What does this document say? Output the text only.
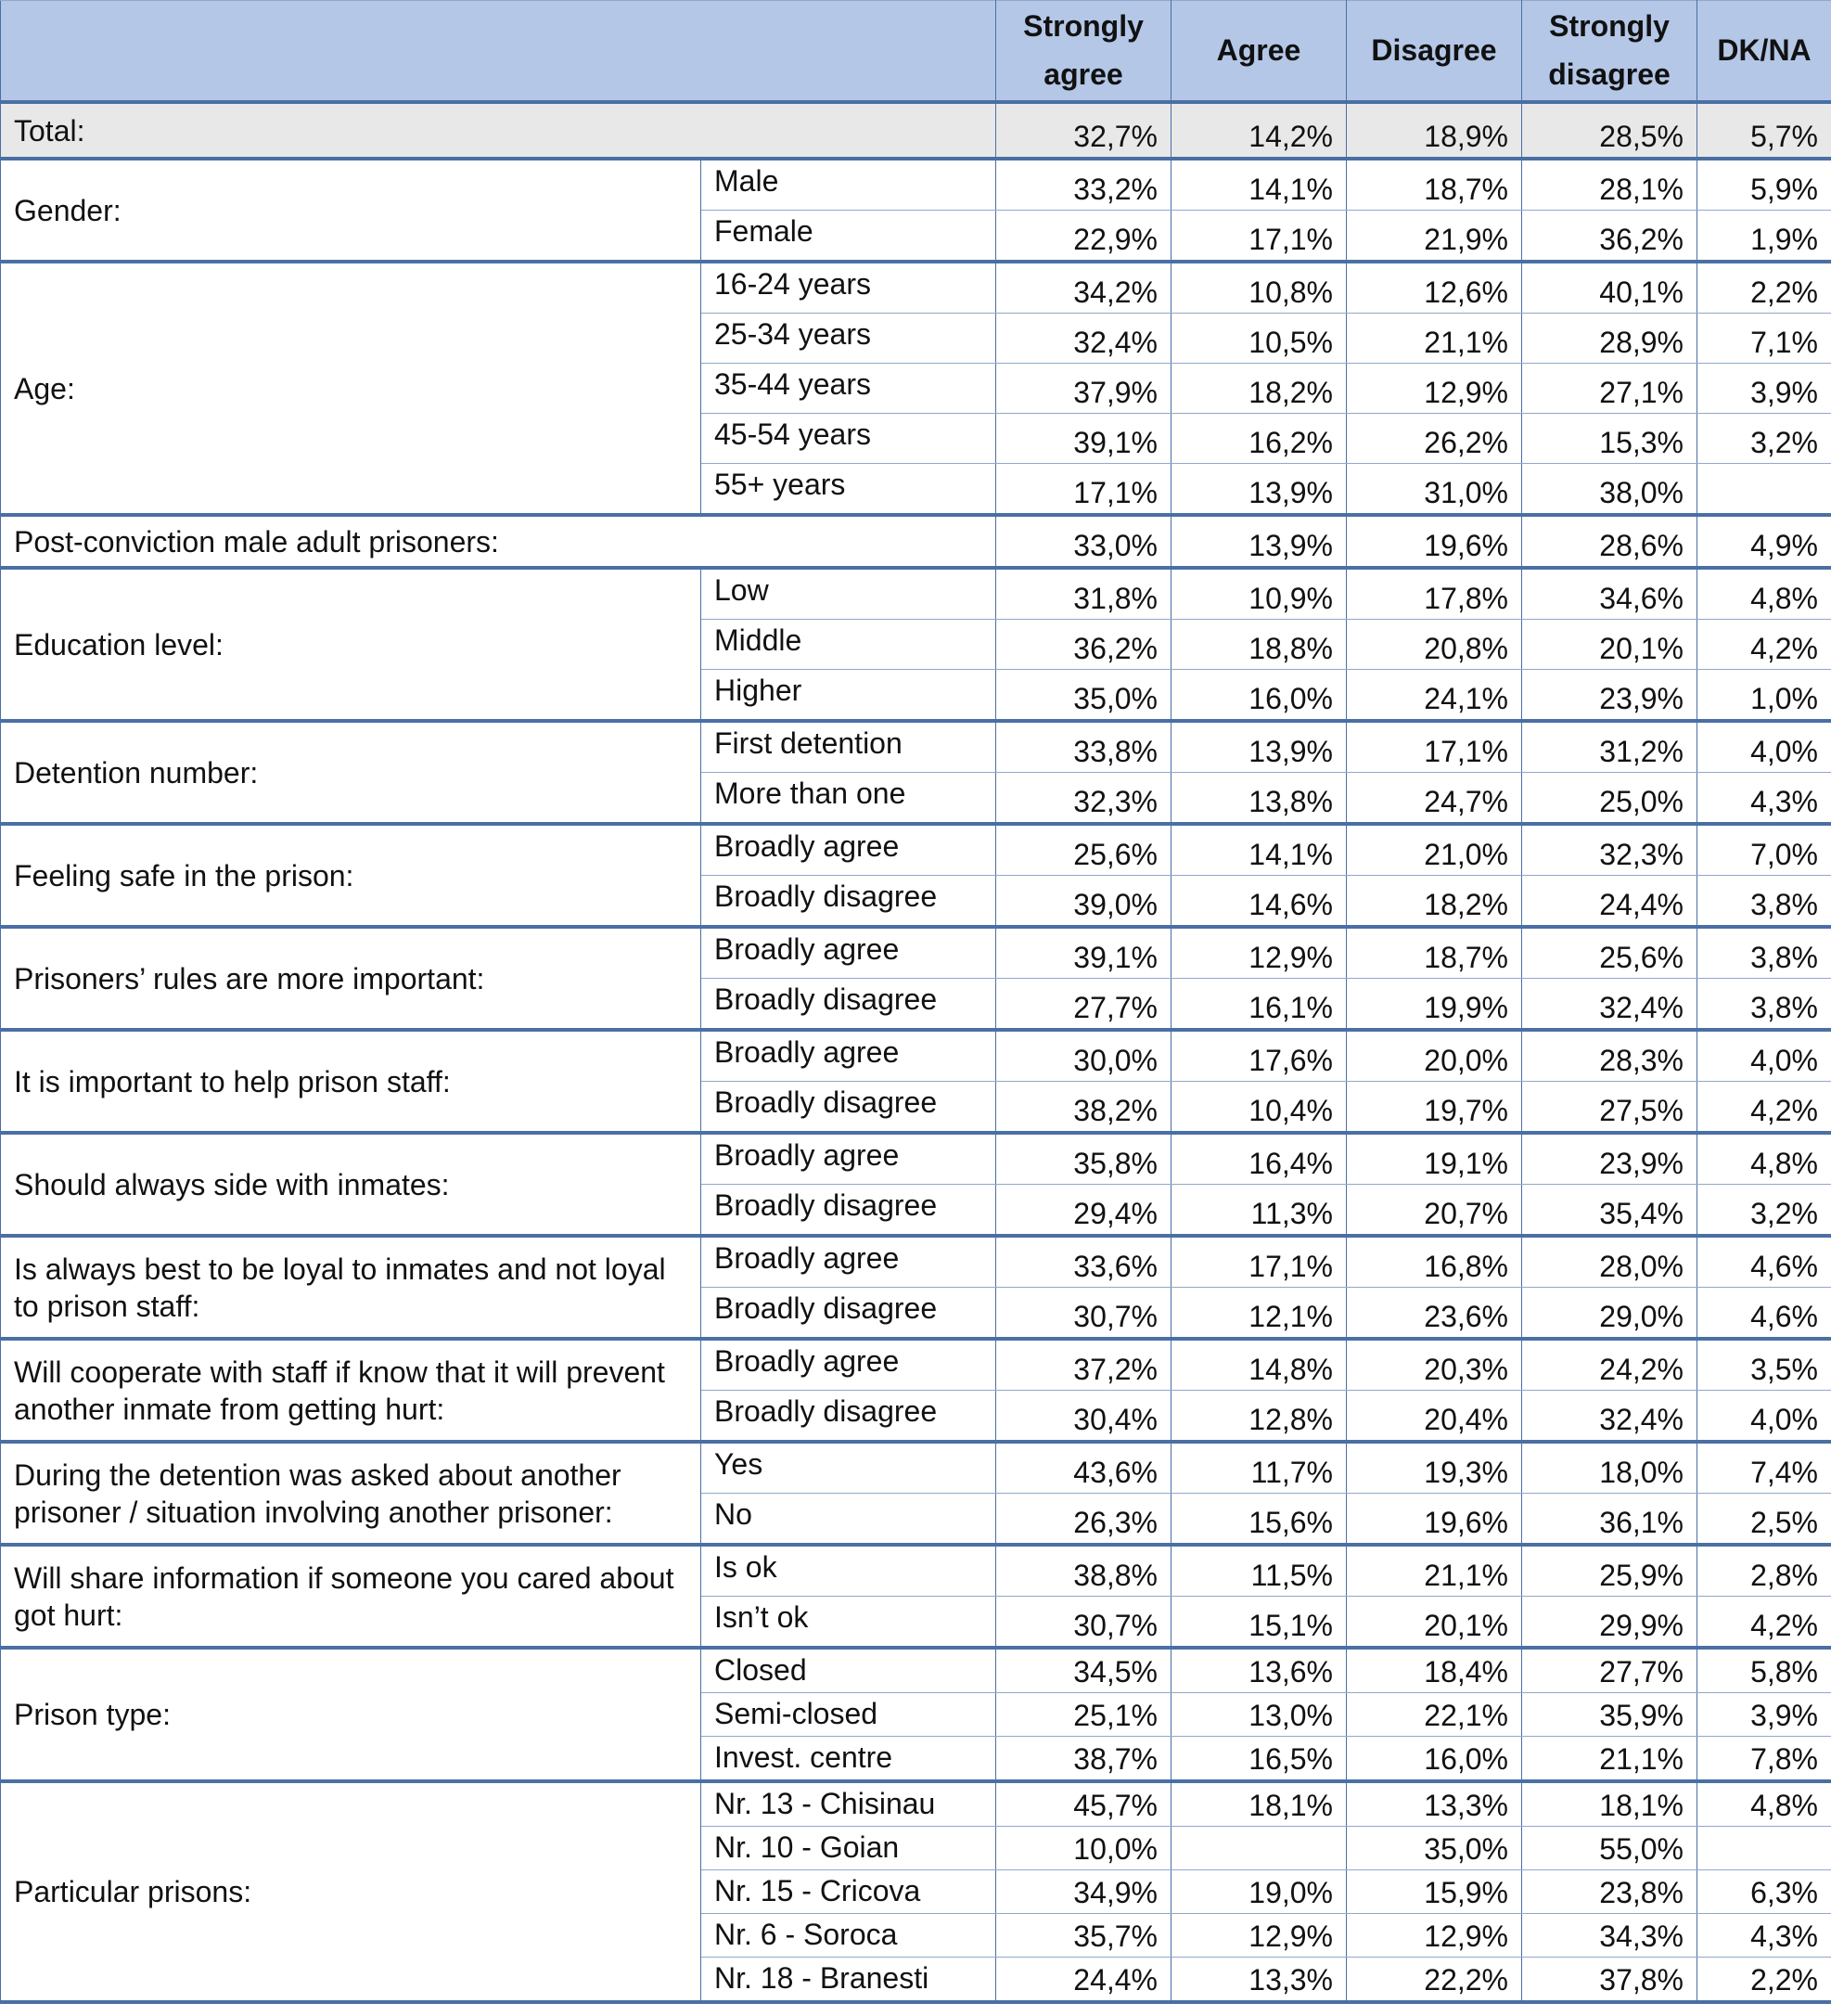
		Strongly agree	Agree	Disagree	Strongly disagree	DK/NA
Total:		32,7%	14,2%	18,9%	28,5%	5,7%
Gender:	Male	33,2%	14,1%	18,7%	28,1%	5,9%
	Female	22,9%	17,1%	21,9%	36,2%	1,9%
Age:	16-24 years	34,2%	10,8%	12,6%	40,1%	2,2%
	25-34 years	32,4%	10,5%	21,1%	28,9%	7,1%
	35-44 years	37,9%	18,2%	12,9%	27,1%	3,9%
	45-54 years	39,1%	16,2%	26,2%	15,3%	3,2%
	55+ years	17,1%	13,9%	31,0%	38,0%	
Post-conviction male adult prisoners:		33,0%	13,9%	19,6%	28,6%	4,9%
Education level:	Low	31,8%	10,9%	17,8%	34,6%	4,8%
	Middle	36,2%	18,8%	20,8%	20,1%	4,2%
	Higher	35,0%	16,0%	24,1%	23,9%	1,0%
Detention number:	First detention	33,8%	13,9%	17,1%	31,2%	4,0%
	More than one	32,3%	13,8%	24,7%	25,0%	4,3%
Feeling safe in the prison:	Broadly agree	25,6%	14,1%	21,0%	32,3%	7,0%
	Broadly disagree	39,0%	14,6%	18,2%	24,4%	3,8%
Prisoners’ rules are more important:	Broadly agree	39,1%	12,9%	18,7%	25,6%	3,8%
	Broadly disagree	27,7%	16,1%	19,9%	32,4%	3,8%
It is important to help prison staff:	Broadly agree	30,0%	17,6%	20,0%	28,3%	4,0%
	Broadly disagree	38,2%	10,4%	19,7%	27,5%	4,2%
Should always side with inmates:	Broadly agree	35,8%	16,4%	19,1%	23,9%	4,8%
	Broadly disagree	29,4%	11,3%	20,7%	35,4%	3,2%
Is always best to be loyal to inmates and not loyal to prison staff:	Broadly agree	33,6%	17,1%	16,8%	28,0%	4,6%
	Broadly disagree	30,7%	12,1%	23,6%	29,0%	4,6%
Will cooperate with staff if know that it will prevent another inmate from getting hurt:	Broadly agree	37,2%	14,8%	20,3%	24,2%	3,5%
	Broadly disagree	30,4%	12,8%	20,4%	32,4%	4,0%
During the detention was asked about another prisoner / situation involving another prisoner:	Yes	43,6%	11,7%	19,3%	18,0%	7,4%
	No	26,3%	15,6%	19,6%	36,1%	2,5%
Will share information if someone you cared about got hurt:	Is ok	38,8%	11,5%	21,1%	25,9%	2,8%
	Isn’t ok	30,7%	15,1%	20,1%	29,9%	4,2%
Prison type:	Closed	34,5%	13,6%	18,4%	27,7%	5,8%
	Semi-closed	25,1%	13,0%	22,1%	35,9%	3,9%
	Invest. centre	38,7%	16,5%	16,0%	21,1%	7,8%
Particular prisons:	Nr. 13 - Chisinau	45,7%	18,1%	13,3%	18,1%	4,8%
	Nr. 10 - Goian	10,0%		35,0%	55,0%	
	Nr. 15 - Cricova	34,9%	19,0%	15,9%	23,8%	6,3%
	Nr. 6 - Soroca	35,7%	12,9%	12,9%	34,3%	4,3%
	Nr. 18 - Branesti	24,4%	13,3%	22,2%	37,8%	2,2%
